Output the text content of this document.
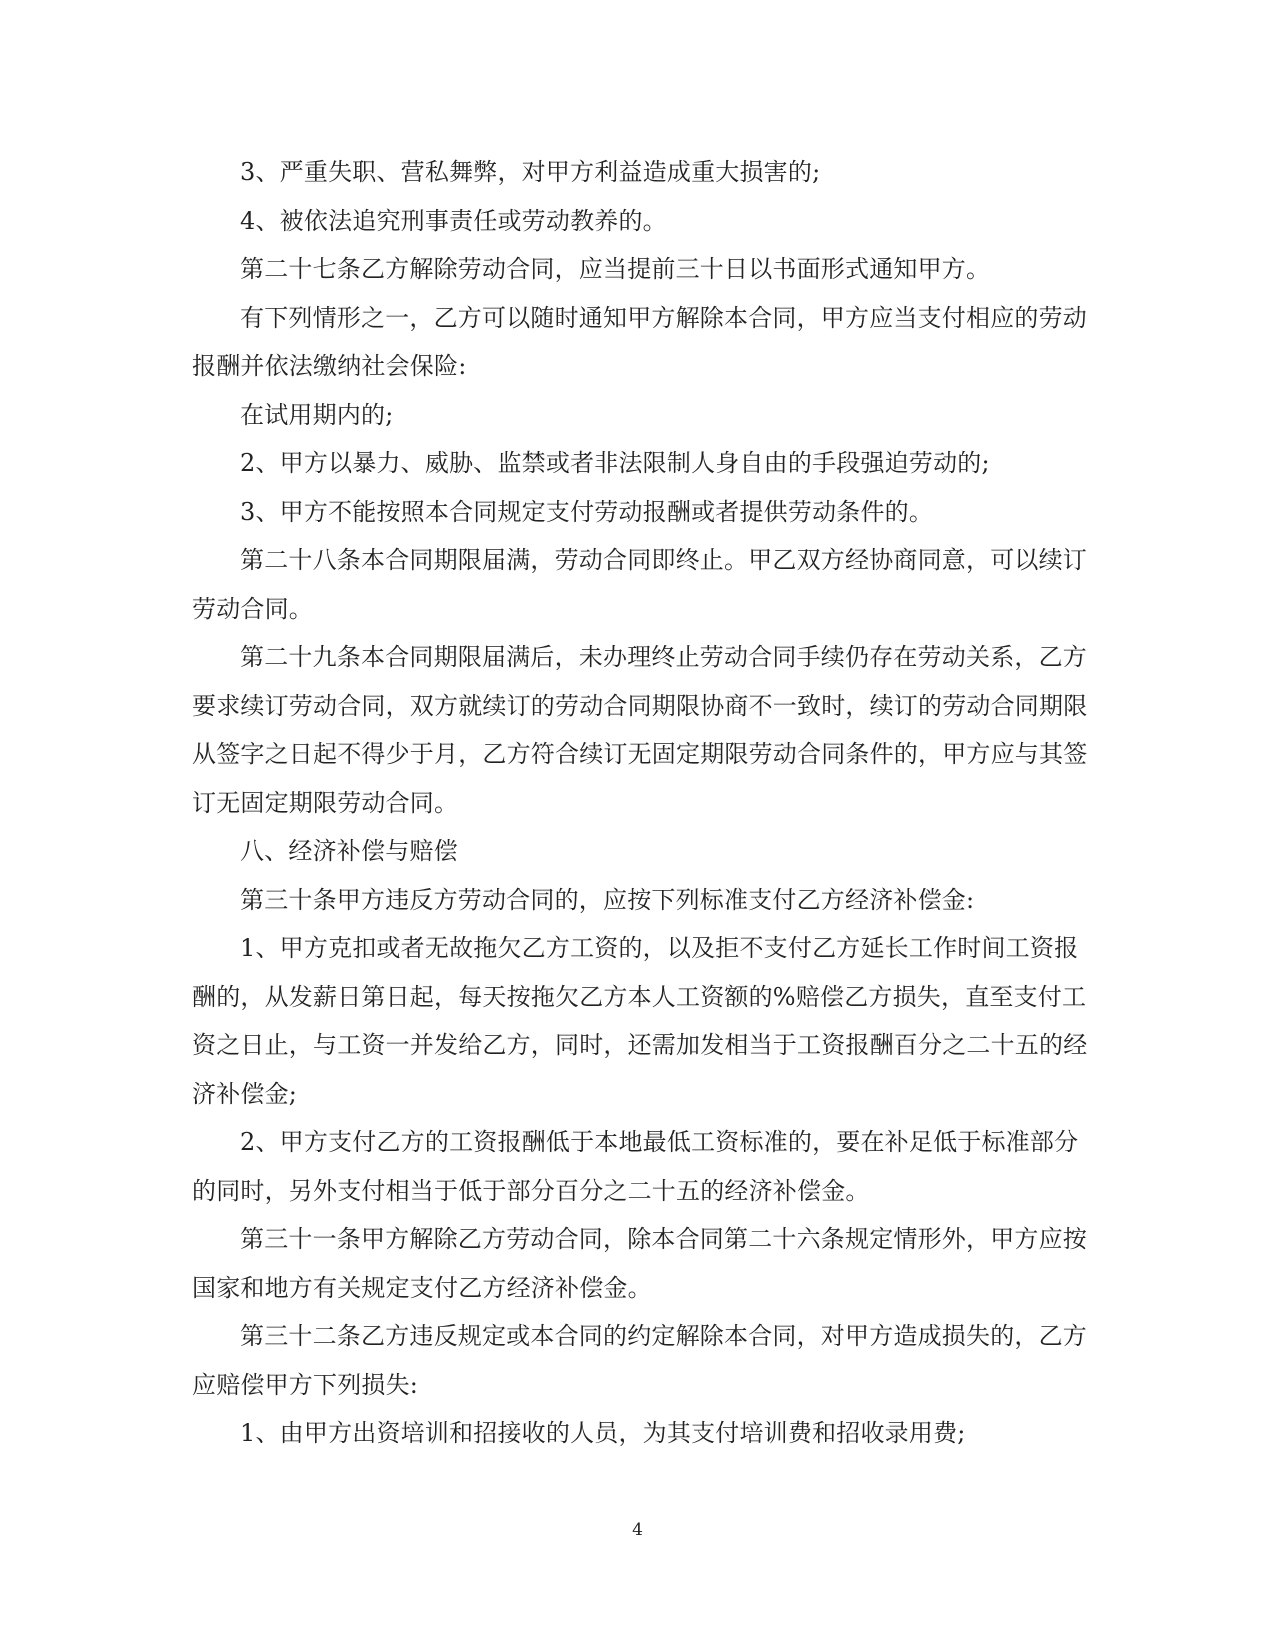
3、严重失职、营私舞弊，对甲方利益造成重大损害的;

4、被依法追究刑事责任或劳动教养的。

第二十七条乙方解除劳动合同，应当提前三十日以书面形式通知甲方。

有下列情形之一，乙方可以随时通知甲方解除本合同，甲方应当支付相应的劳动报酬并依法缴纳社会保险:

在试用期内的;

2、甲方以暴力、威胁、监禁或者非法限制人身自由的手段强迫劳动的;

3、甲方不能按照本合同规定支付劳动报酬或者提供劳动条件的。

第二十八条本合同期限届满，劳动合同即终止。甲乙双方经协商同意，可以续订劳动合同。

第二十九条本合同期限届满后，未办理终止劳动合同手续仍存在劳动关系，乙方要求续订劳动合同，双方就续订的劳动合同期限协商不一致时，续订的劳动合同期限从签字之日起不得少于月，乙方符合续订无固定期限劳动合同条件的，甲方应与其签订无固定期限劳动合同。

八、经济补偿与赔偿

第三十条甲方违反方劳动合同的，应按下列标准支付乙方经济补偿金:

1、甲方克扣或者无故拖欠乙方工资的，以及拒不支付乙方延长工作时间工资报酬的，从发薪日第日起，每天按拖欠乙方本人工资额的%赔偿乙方损失，直至支付工资之日止，与工资一并发给乙方，同时，还需加发相当于工资报酬百分之二十五的经济补偿金;

2、甲方支付乙方的工资报酬低于本地最低工资标准的，要在补足低于标准部分的同时，另外支付相当于低于部分百分之二十五的经济补偿金。

第三十一条甲方解除乙方劳动合同，除本合同第二十六条规定情形外，甲方应按国家和地方有关规定支付乙方经济补偿金。

第三十二条乙方违反规定或本合同的约定解除本合同，对甲方造成损失的，乙方应赔偿甲方下列损失:

1、由甲方出资培训和招接收的人员，为其支付培训费和招收录用费;

4
